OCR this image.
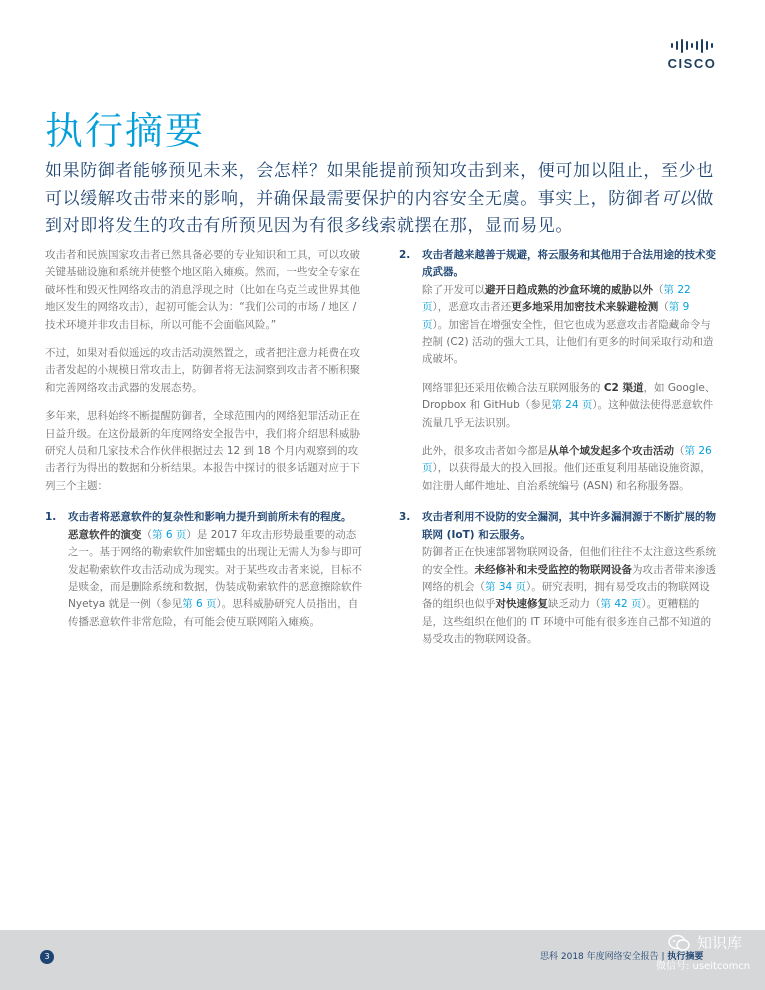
CISCO
执行摘要

如果防御者能够预见未来，会怎样？如果能提前预知攻击到来，便可加以阻止，至少也可以缓解攻击带来的影响，并确保最需要保护的内容安全无虞。事实上，防御者可以做到对即将发生的攻击有所预见因为有很多线索就摆在那，显而易见。

攻击者和民族国家攻击者已然具备必要的专业知识和工具，可以攻破关键基础设施和系统并使整个地区陷入瘫痪。然而，一些安全专家在破坏性和毁灭性网络攻击的消息浮现之时（比如在乌克兰或世界其他地区发生的网络攻击），起初可能会认为：“我们公司的市场 / 地区 / 技术环境并非攻击目标，所以可能不会面临风险。”

不过，如果对看似遥远的攻击活动漠然置之，或者把注意力耗费在攻击者发起的小规模日常攻击上，防御者将无法洞察到攻击者不断积聚和完善网络攻击武器的发展态势。

多年来，思科始终不断提醒防御者，全球范围内的网络犯罪活动正在日益升级。在这份最新的年度网络安全报告中，我们将介绍思科威胁研究人员和几家技术合作伙伴根据过去 12 到 18 个月内观察到的攻击者行为得出的数据和分析结果。本报告中探讨的很多话题对应于下列三个主题：

1.	攻击者将恶意软件的复杂性和影响力提升到前所未有的程度。

恶意软件的演变（第 6 页）是 2017 年攻击形势最重要的动态之一。基于网络的勒索软件加密蠕虫的出现让无需人为参与即可发起勒索软件攻击活动成为现实。对于某些攻击者来说，目标不是赎金，而是删除系统和数据，伪装成勒索软件的恶意擦除软件 Nyetya 就是一例（参见第 6 页）。思科威胁研究人员指出，自传播恶意软件非常危险，有可能会使互联网陷入瘫痪。

2.	攻击者越来越善于规避，将云服务和其他用于合法用途的技术变成武器。

除了开发可以避开日趋成熟的沙盒环境的威胁以外（第 22 页），恶意攻击者还更多地采用加密技术来躲避检测（第 9 页）。加密旨在增强安全性，但它也成为恶意攻击者隐藏命令与控制 (C2) 活动的强大工具，让他们有更多的时间采取行动和造成破坏。

网络罪犯还采用依赖合法互联网服务的 C2 渠道，如 Google、Dropbox 和 GitHub（参见第 24 页）。这种做法使得恶意软件流量几乎无法识别。

此外，很多攻击者如今都是从单个域发起多个攻击活动（第 26 页），以获得最大的投入回报。他们还重复利用基础设施资源，如注册人邮件地址、自治系统编号 (ASN) 和名称服务器。

3.	攻击者利用不设防的安全漏洞，其中许多漏洞源于不断扩展的物联网 (IoT) 和云服务。

防御者正在快速部署物联网设备，但他们往往不太注意这些系统的安全性。未经修补和未受监控的物联网设备为攻击者带来渗透网络的机会（第 34 页）。研究表明，拥有易受攻击的物联网设备的组织也似乎对快速修复缺乏动力（第 42 页）。更糟糕的是，这些组织在他们的 IT 环境中可能有很多连自己都不知道的易受攻击的物联网设备。

3	思科 2018 年度网络安全报告 | 执行摘要
知识库
微信号: useitcomcn
